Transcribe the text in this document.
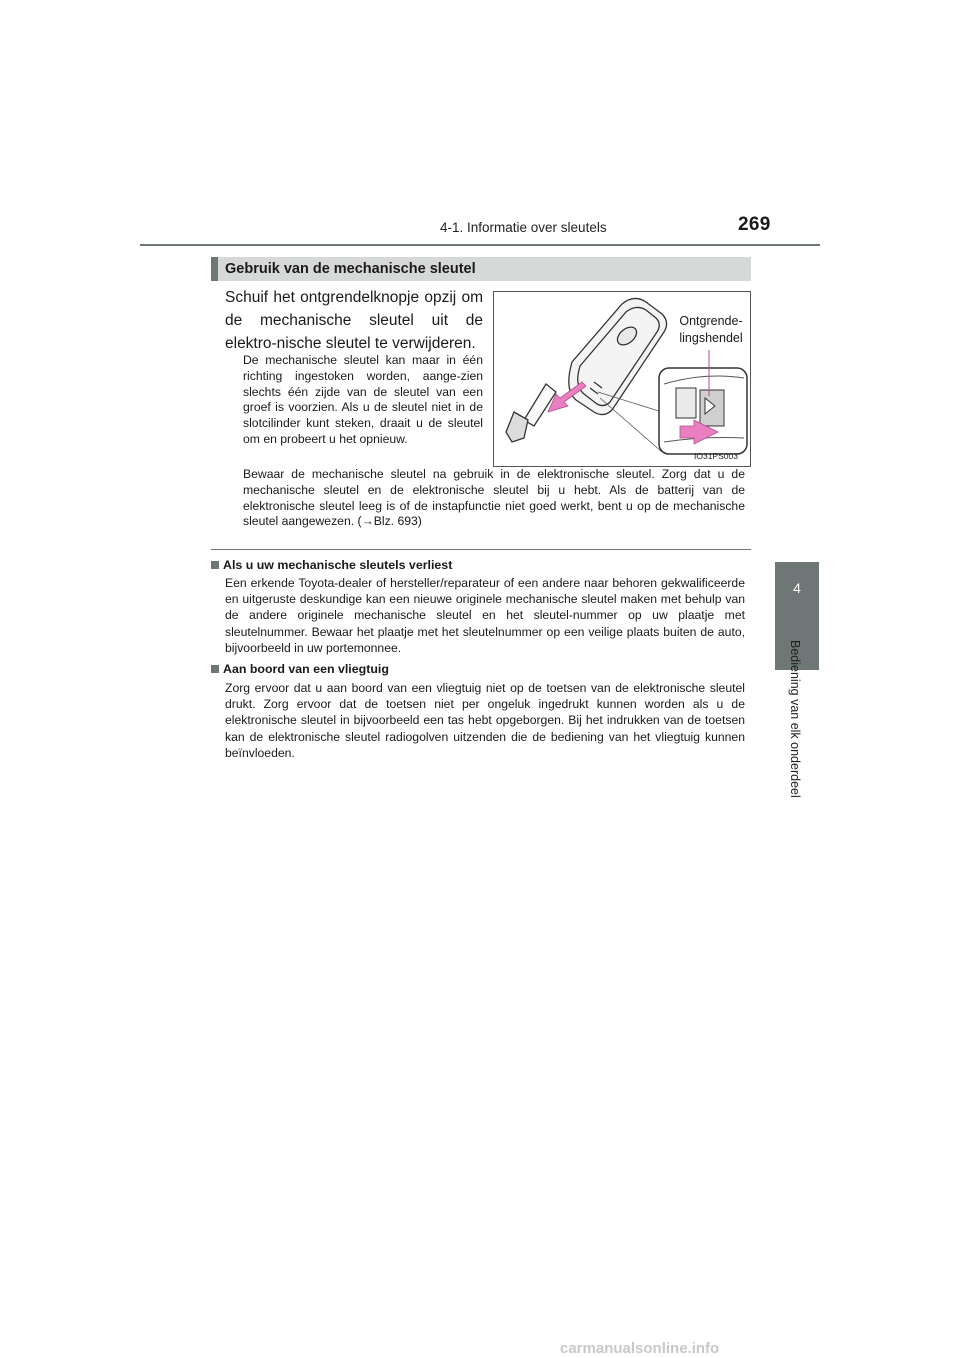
4-1. Informatie over sleutels	269
4
Bediening van elk onderdeel
Gebruik van de mechanische sleutel
Schuif het ontgrendelknopje opzij om de mechanische sleutel uit de elektro-nische sleutel te verwijderen.
De mechanische sleutel kan maar in één richting ingestoken worden, aange-zien slechts één zijde van de sleutel van een groef is voorzien. Als u de sleutel niet in de slotcilinder kunt steken, draait u de sleutel om en probeert u het opnieuw.
Bewaar de mechanische sleutel na gebruik in de elektronische sleutel. Zorg dat u de mechanische sleutel en de elektronische sleutel bij u hebt. Als de batterij van de elektronische sleutel leeg is of de instapfunctie niet goed werkt, bent u op de mechanische sleutel aangewezen. (→Blz. 693)
Ontgrende-
lingshendel
IO31PS003
Als u uw mechanische sleutels verliest
Een erkende Toyota-dealer of hersteller/reparateur of een andere naar behoren gekwalificeerde en uitgeruste deskundige kan een nieuwe originele mechanische sleutel maken met behulp van de andere originele mechanische sleutel en het sleutel-nummer op uw plaatje met sleutelnummer. Bewaar het plaatje met het sleutelnummer op een veilige plaats buiten de auto, bijvoorbeeld in uw portemonnee.
Aan boord van een vliegtuig
Zorg ervoor dat u aan boord van een vliegtuig niet op de toetsen van de elektronische sleutel drukt. Zorg ervoor dat de toetsen niet per ongeluk ingedrukt kunnen worden als u de elektronische sleutel in bijvoorbeeld een tas hebt opgeborgen. Bij het indrukken van de toetsen kan de elektronische sleutel radiogolven uitzenden die de bediening van het vliegtuig kunnen beïnvloeden.
carmanualsonline.info
